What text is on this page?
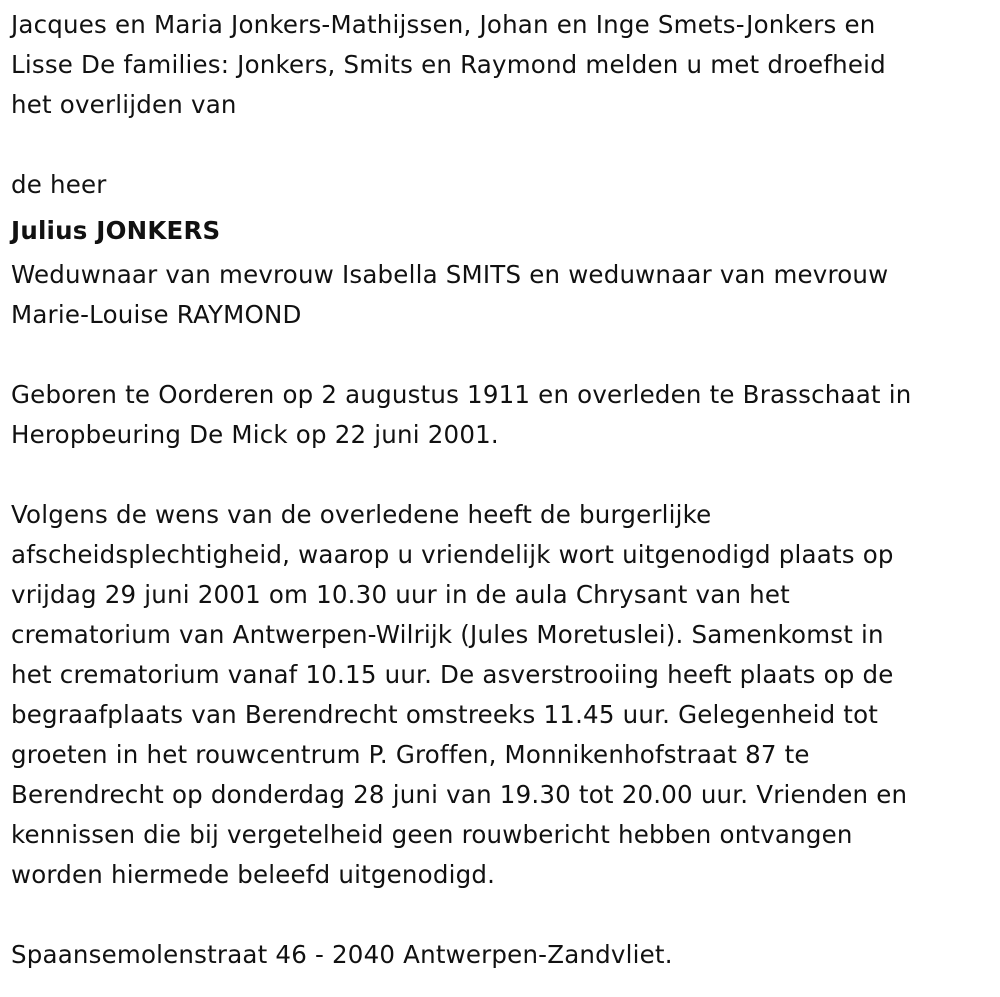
Jacques en Maria Jonkers-Mathijssen, Johan en Inge Smets-Jonkers en
Lisse De families: Jonkers, Smits en Raymond melden u met droefheid
het overlijden van

de heer

Julius JONKERS

Weduwnaar van mevrouw Isabella SMITS en weduwnaar van mevrouw
Marie-Louise RAYMOND

Geboren te Oorderen op 2 augustus 1911 en overleden te Brasschaat in
Heropbeuring De Mick op 22 juni 2001.

Volgens de wens van de overledene heeft de burgerlijke
afscheidsplechtigheid, waarop u vriendelijk wort uitgenodigd plaats op
vrijdag 29 juni 2001 om 10.30 uur in de aula Chrysant van het
crematorium van Antwerpen-Wilrijk (Jules Moretuslei). Samenkomst in
het crematorium vanaf 10.15 uur. De asverstrooiing heeft plaats op de
begraafplaats van Berendrecht omstreeks 11.45 uur. Gelegenheid tot
groeten in het rouwcentrum P. Groffen, Monnikenhofstraat 87 te
Berendrecht op donderdag 28 juni van 19.30 tot 20.00 uur. Vrienden en
kennissen die bij vergetelheid geen rouwbericht hebben ontvangen
worden hiermede beleefd uitgenodigd.

Spaansemolenstraat 46 - 2040 Antwerpen-Zandvliet.
